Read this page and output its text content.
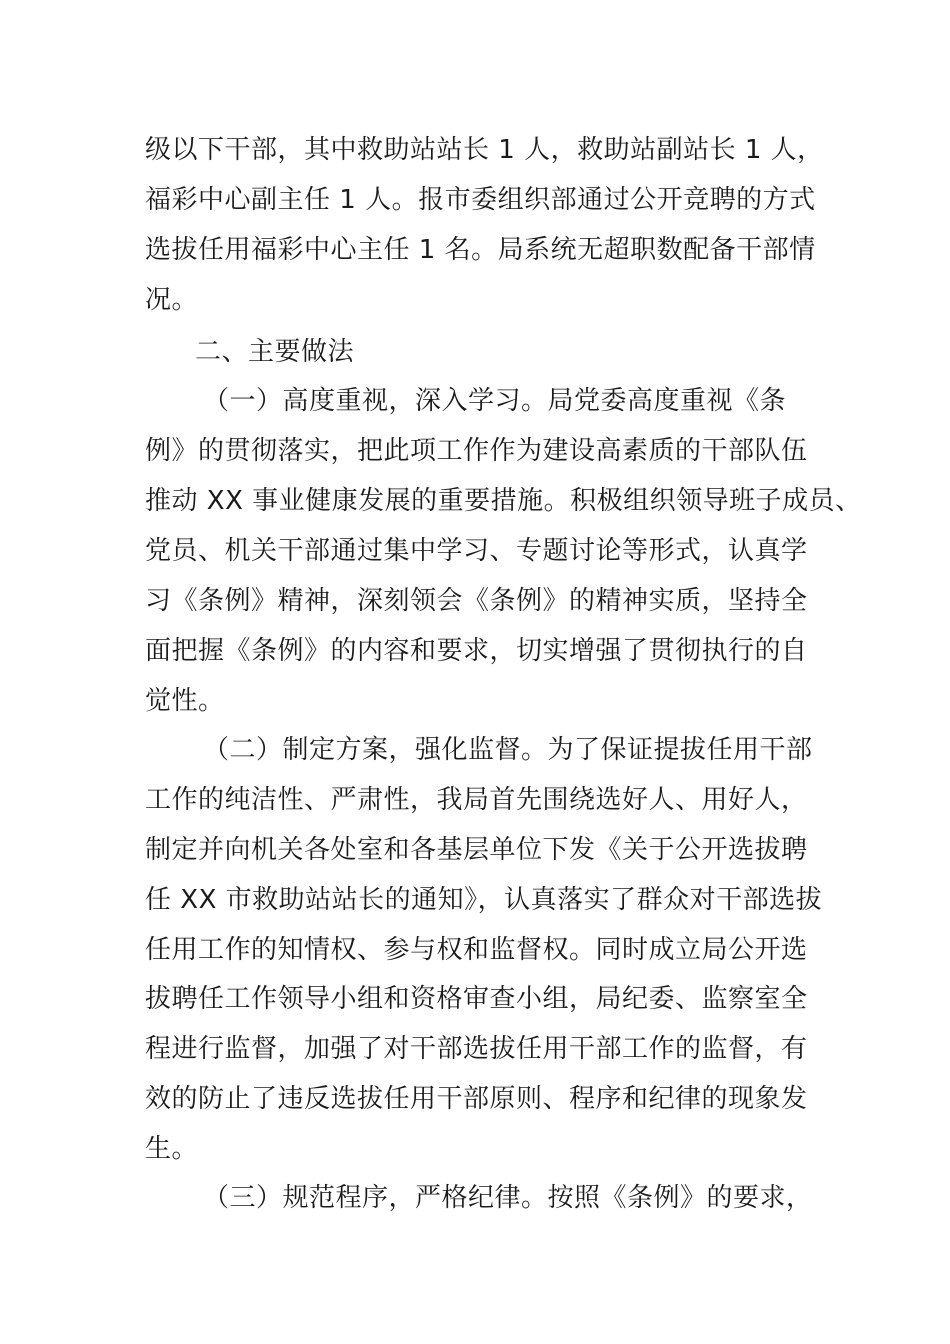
级以下干部，其中救助站站长 1 人，救助站副站长 1 人，
福彩中心副主任 1 人。报市委组织部通过公开竞聘的方式
选拔任用福彩中心主任 1 名。局系统无超职数配备干部情
况。
二、主要做法
（一）高度重视，深入学习。局党委高度重视《条
例》的贯彻落实，把此项工作作为建设高素质的干部队伍
推动 XX 事业健康发展的重要措施。积极组织领导班子成员、
党员、机关干部通过集中学习、专题讨论等形式，认真学
习《条例》精神，深刻领会《条例》的精神实质，坚持全
面把握《条例》的内容和要求，切实增强了贯彻执行的自
觉性。
（二）制定方案，强化监督。为了保证提拔任用干部
工作的纯洁性、严肃性，我局首先围绕选好人、用好人，
制定并向机关各处室和各基层单位下发《关于公开选拔聘
任 XX 市救助站站长的通知》，认真落实了群众对干部选拔
任用工作的知情权、参与权和监督权。同时成立局公开选
拔聘任工作领导小组和资格审查小组，局纪委、监察室全
程进行监督，加强了对干部选拔任用干部工作的监督，有
效的防止了违反选拔任用干部原则、程序和纪律的现象发
生。
（三）规范程序，严格纪律。按照《条例》的要求，
